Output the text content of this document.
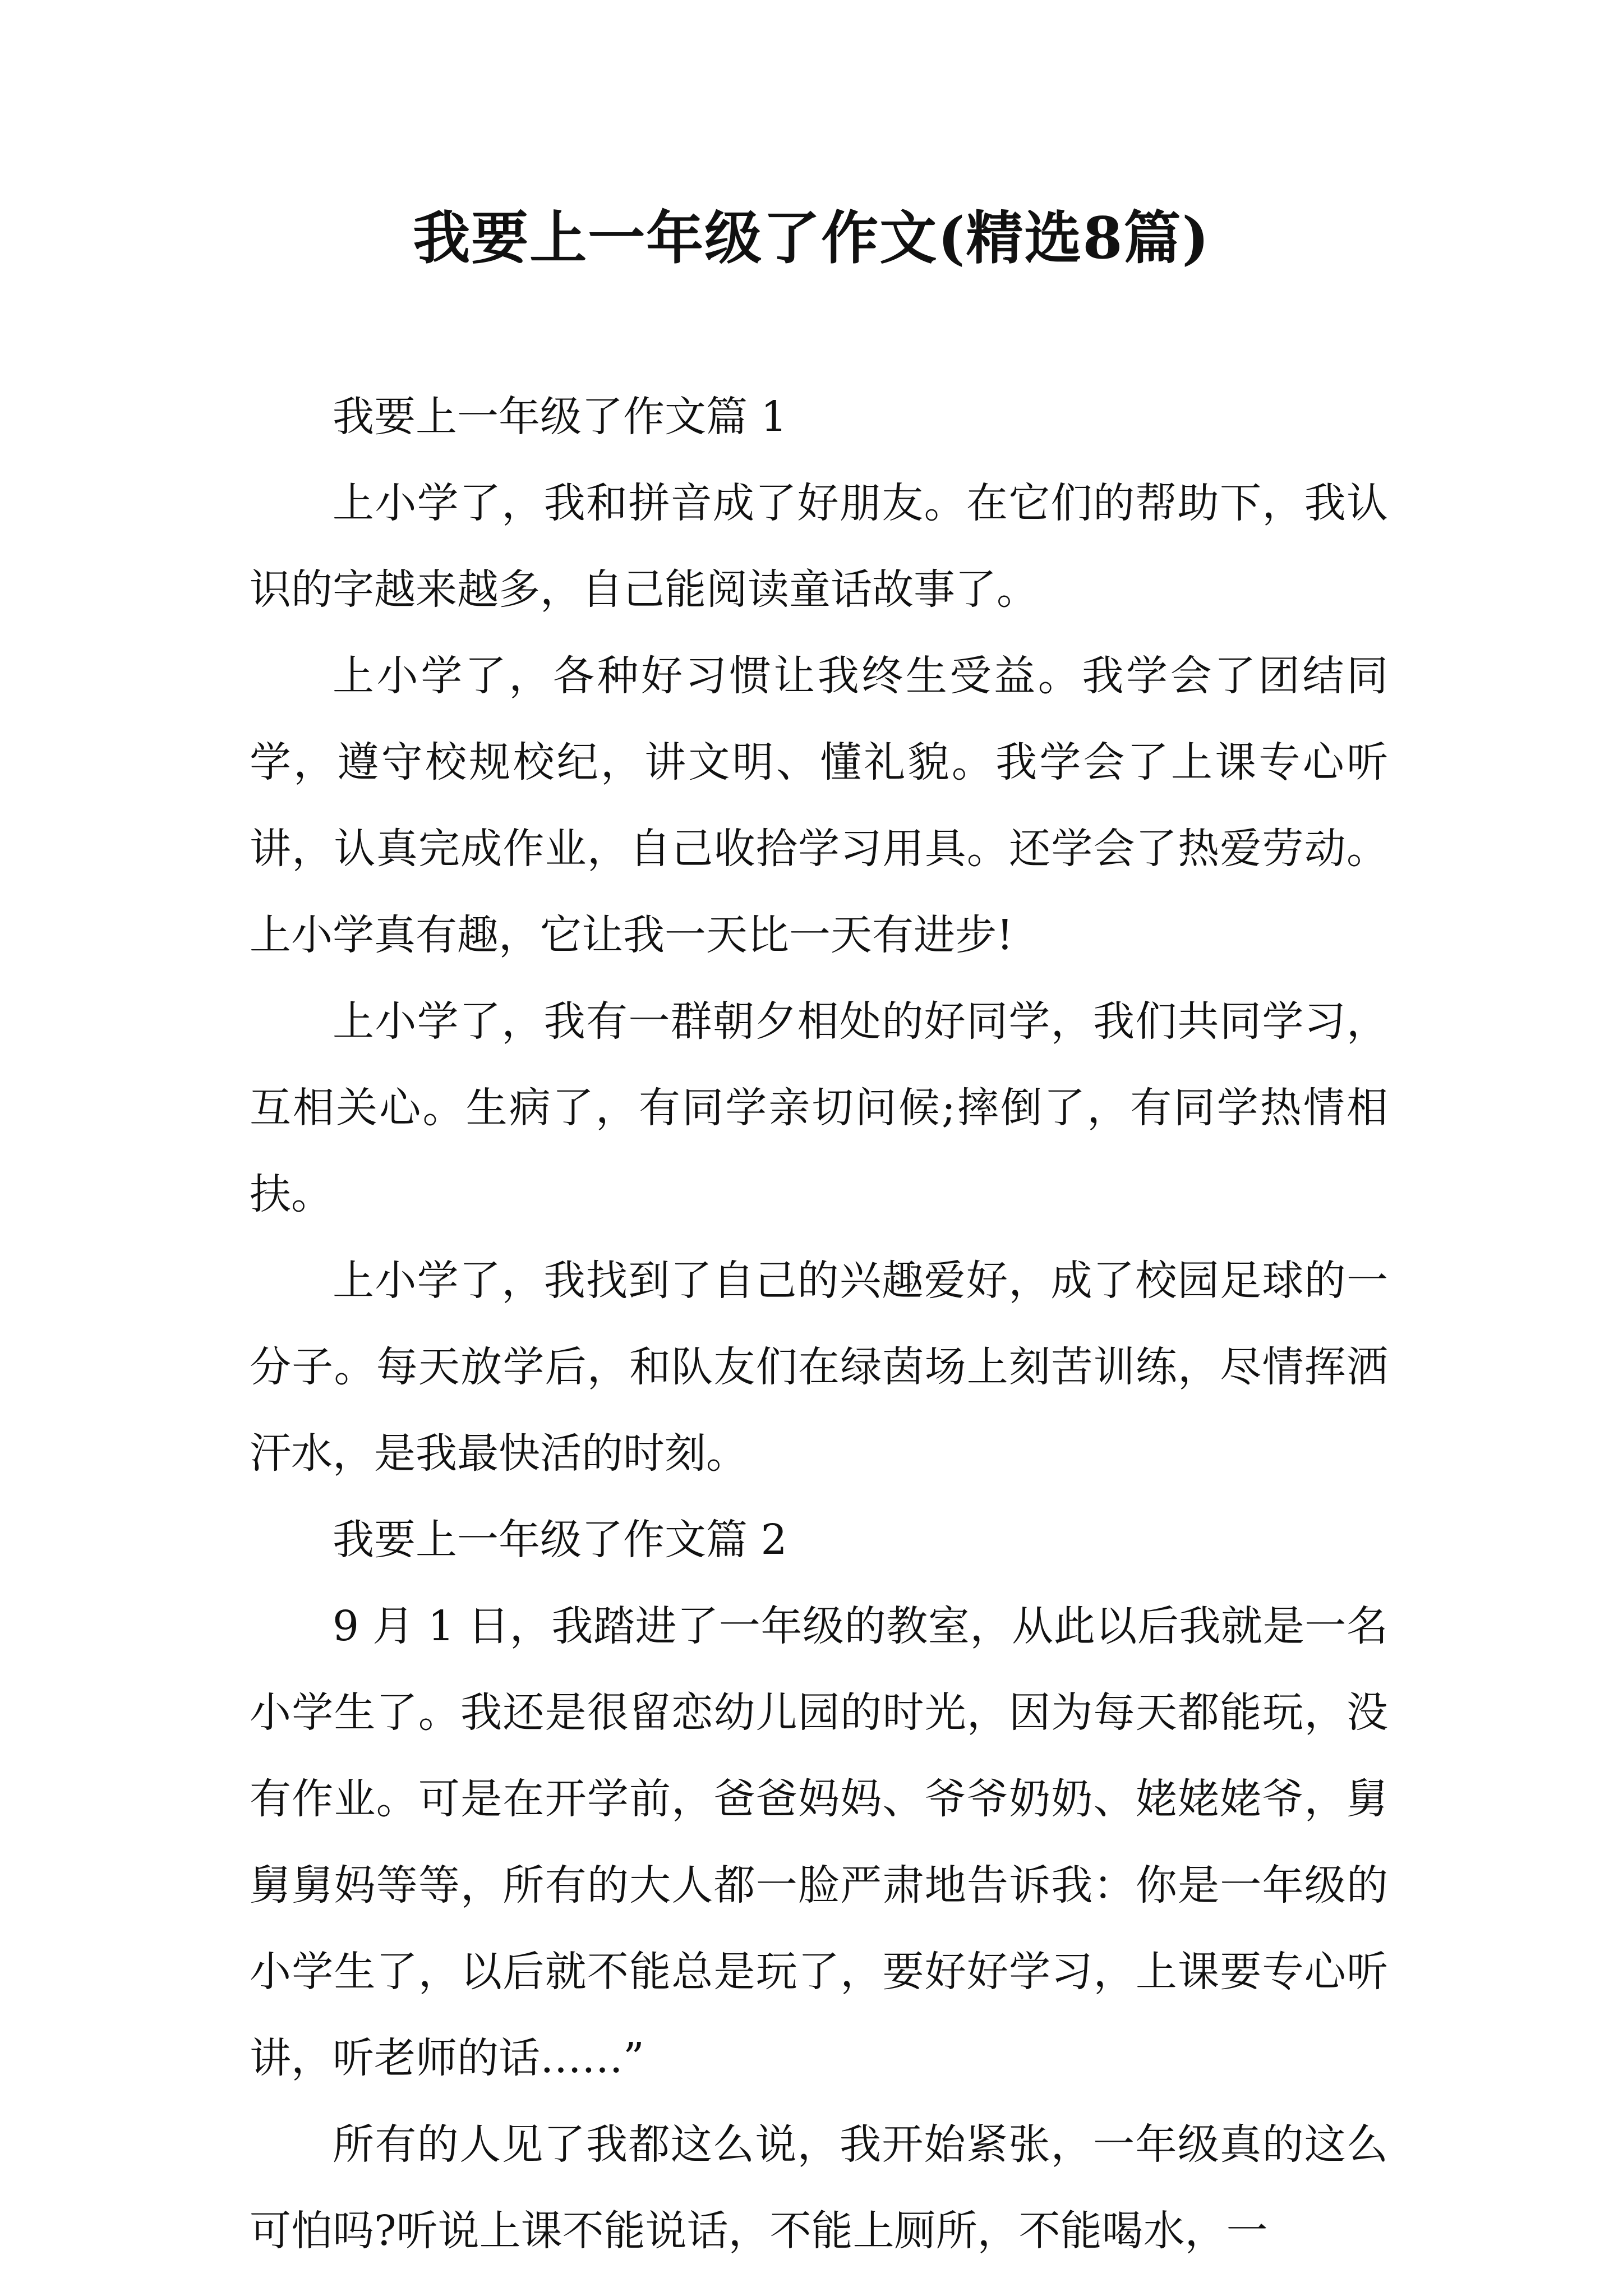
我要上一年级了作文(精选8篇)

我要上一年级了作文篇 1

上小学了，我和拼音成了好朋友。在它们的帮助下，我认识的字越来越多，自己能阅读童话故事了。

上小学了，各种好习惯让我终生受益。我学会了团结同学，遵守校规校纪，讲文明、懂礼貌。我学会了上课专心听讲，认真完成作业，自己收拾学习用具。还学会了热爱劳动。上小学真有趣，它让我一天比一天有进步!

上小学了，我有一群朝夕相处的好同学，我们共同学习，互相关心。生病了，有同学亲切问候;摔倒了，有同学热情相扶。

上小学了，我找到了自己的兴趣爱好，成了校园足球的一分子。每天放学后，和队友们在绿茵场上刻苦训练，尽情挥洒汗水，是我最快活的时刻。

我要上一年级了作文篇 2

9 月 1 日，我踏进了一年级的教室，从此以后我就是一名小学生了。我还是很留恋幼儿园的时光，因为每天都能玩，没有作业。可是在开学前，爸爸妈妈、爷爷奶奶、姥姥姥爷，舅舅舅妈等等，所有的大人都一脸严肃地告诉我：你是一年级的小学生了，以后就不能总是玩了，要好好学习，上课要专心听讲，听老师的话……”

所有的人见了我都这么说，我开始紧张，一年级真的这么可怕吗?听说上课不能说话，不能上厕所，不能喝水，一
